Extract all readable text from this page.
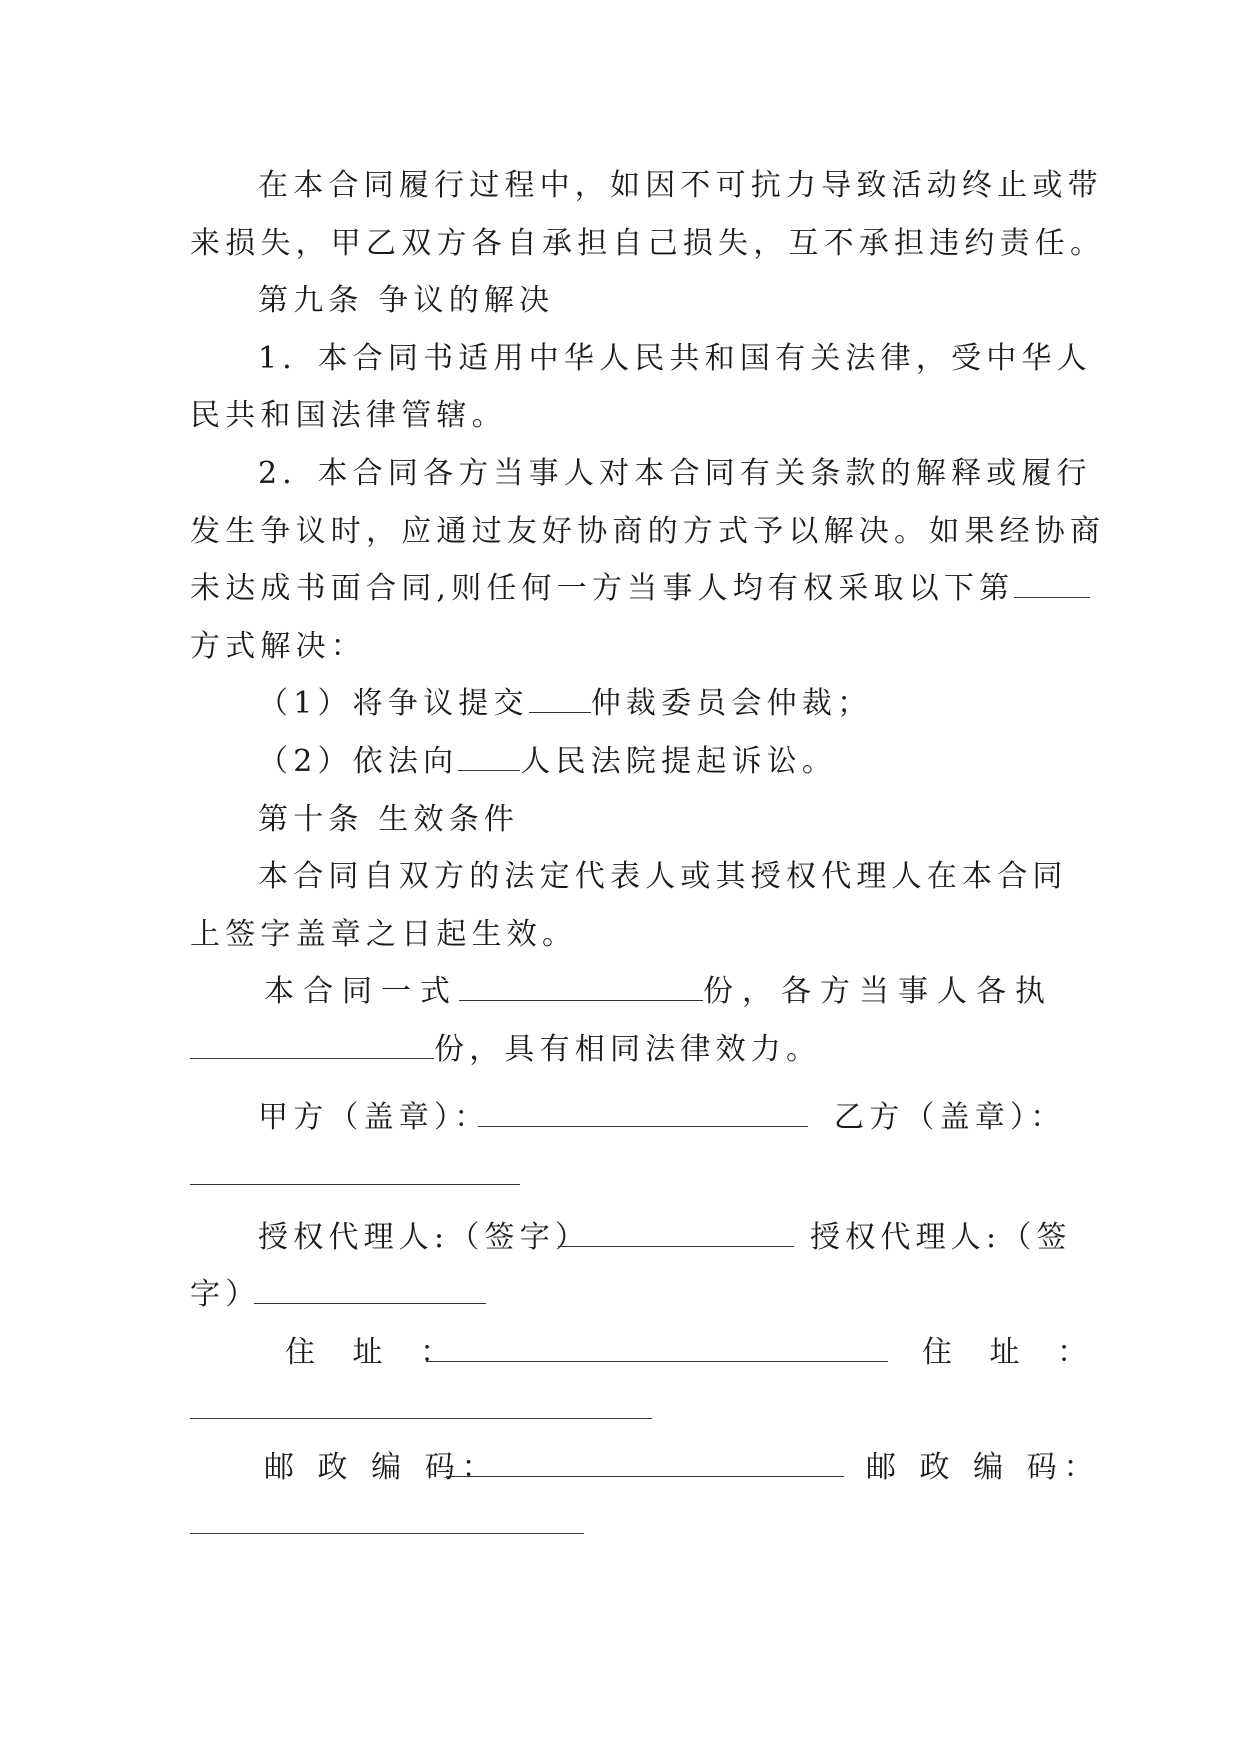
在本合同履行过程中，如因不可抗力导致活动终止或带
来损失，甲乙双方各自承担自己损失，互不承担违约责任。
第九条 争议的解决
1．本合同书适用中华人民共和国有关法律，受中华人
民共和国法律管辖。
2．本合同各方当事人对本合同有关条款的解释或履行
发生争议时，应通过友好协商的方式予以解决。如果经协商
未达成书面合同,则任何一方当事人均有权采取以下第
方式解决：
（1）将争议提交 仲裁委员会仲裁；
（2）依法向 人民法院提起诉讼。
第十条 生效条件
本合同自双方的法定代表人或其授权代理人在本合同
上签字盖章之日起生效。
本合同一式	份，各方当事人各执
份，具有相同法律效力。
甲方（盖章）：	乙方（盖章）：
授权代理人:（签字）	授权代理人:（签
字）
住 址 ：	住 址 ：
邮 政 编 码：	邮 政 编 码：
